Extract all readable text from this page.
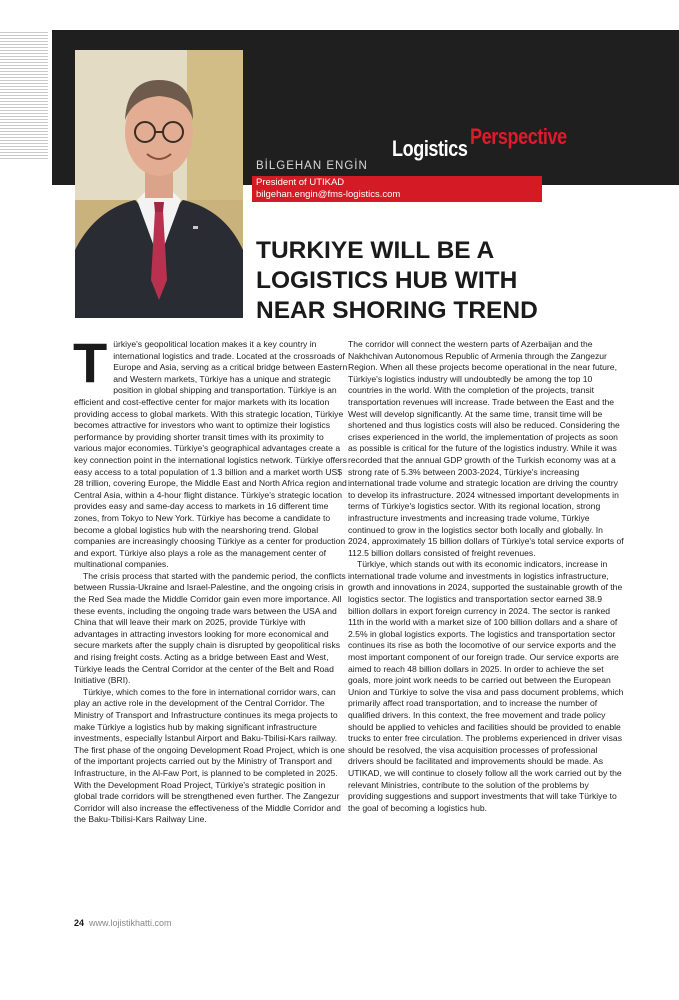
Logistics Perspective
BİLGEHAN ENGİN
President of UTIKAD
bilgehan.engin@fms-logistics.com
TURKIYE WILL BE A
LOGISTICS HUB WITH
NEAR SHORING TREND

Türkiye's geopolitical location makes it a key country in international logistics and trade. Located at the crossroads of Europe and Asia, serving as a critical bridge between Eastern and Western markets, Türkiye has a unique and strategic position in global shipping and transportation. Türkiye is an efficient and cost-effective center for major markets with its location providing access to global markets. With this strategic location, Türkiye becomes attractive for investors who want to optimize their logistics performance by providing shorter transit times with its proximity to various major economies. Türkiye's geographical advantages create a key connection point in the international logistics network. Türkiye offers easy access to a total population of 1.3 billion and a market worth US$ 28 trillion, covering Europe, the Middle East and North Africa region and Central Asia, within a 4-hour flight distance. Türkiye's strategic location provides easy and same-day access to markets in 16 different time zones, from Tokyo to New York. Türkiye has become a candidate to become a global logistics hub with the nearshoring trend. Global companies are increasingly choosing Türkiye as a center for production and export. Türkiye also plays a role as the management center of multinational companies.

The crisis process that started with the pandemic period, the conflicts between Russia-Ukraine and Israel-Palestine, and the ongoing crisis in the Red Sea made the Middle Corridor gain even more importance. All these events, including the ongoing trade wars between the USA and China that will leave their mark on 2025, provide Türkiye with advantages in attracting investors looking for more economical and secure markets after the supply chain is disrupted by geopolitical risks and rising freight costs. Acting as a bridge between East and West, Türkiye leads the Central Corridor at the center of the Belt and Road Initiative (BRI).

Türkiye, which comes to the fore in international corridor wars, can play an active role in the development of the Central Corridor. The Ministry of Transport and Infrastructure continues its mega projects to make Türkiye a logistics hub by making significant infrastructure investments, especially İstanbul Airport and Baku-Tbilisi-Kars railway. The first phase of the ongoing Development Road Project, which is one of the important projects carried out by the Ministry of Transport and Infrastructure, in the Al-Faw Port, is planned to be completed in 2025. With the Development Road Project, Türkiye's strategic position in global trade corridors will be strengthened even further. The Zangezur Corridor will also increase the effectiveness of the Middle Corridor and the Baku-Tbilisi-Kars Railway Line.

The corridor will connect the western parts of Azerbaijan and the Nakhchivan Autonomous Republic of Armenia through the Zangezur Region. When all these projects become operational in the near future, Türkiye's logistics industry will undoubtedly be among the top 10 countries in the world. With the completion of the projects, transit transportation revenues will increase. Trade between the East and the West will develop significantly. At the same time, transit time will be shortened and thus logistics costs will also be reduced. Considering the crises experienced in the world, the implementation of projects as soon as possible is critical for the future of the logistics industry. While it was recorded that the annual GDP growth of the Turkish economy was at a strong rate of 5.3% between 2003-2024, Türkiye's increasing international trade volume and strategic location are driving the country to develop its infrastructure. 2024 witnessed important developments in terms of Türkiye's logistics sector. With its regional location, strong infrastructure investments and increasing trade volume, Türkiye continued to grow in the logistics sector both locally and globally. In 2024, approximately 15 billion dollars of Türkiye's total service exports of 112.5 billion dollars consisted of freight revenues.

Türkiye, which stands out with its economic indicators, increase in international trade volume and investments in logistics infrastructure, growth and innovations in 2024, supported the sustainable growth of the logistics sector. The logistics and transportation sector earned 38.9 billion dollars in export foreign currency in 2024. The sector is ranked 11th in the world with a market size of 100 billion dollars and a share of 2.5% in global logistics exports. The logistics and transportation sector continues its rise as both the locomotive of our service exports and the most important component of our foreign trade. Our service exports are aimed to reach 48 billion dollars in 2025. In order to achieve the set goals, more joint work needs to be carried out between the European Union and Türkiye to solve the visa and pass document problems, which primarily affect road transportation, and to increase the number of qualified drivers. In this context, the free movement and trade policy should be applied to vehicles and facilities should be provided to enable trucks to enter free circulation. The problems experienced in driver visas should be resolved, the visa acquisition processes of professional drivers should be facilitated and improvements should be made. As UTIKAD, we will continue to closely follow all the work carried out by the relevant Ministries, contribute to the solution of the problems by providing suggestions and support investments that will take Türkiye to the goal of becoming a logistics hub.

24 www.lojistikhatti.com
